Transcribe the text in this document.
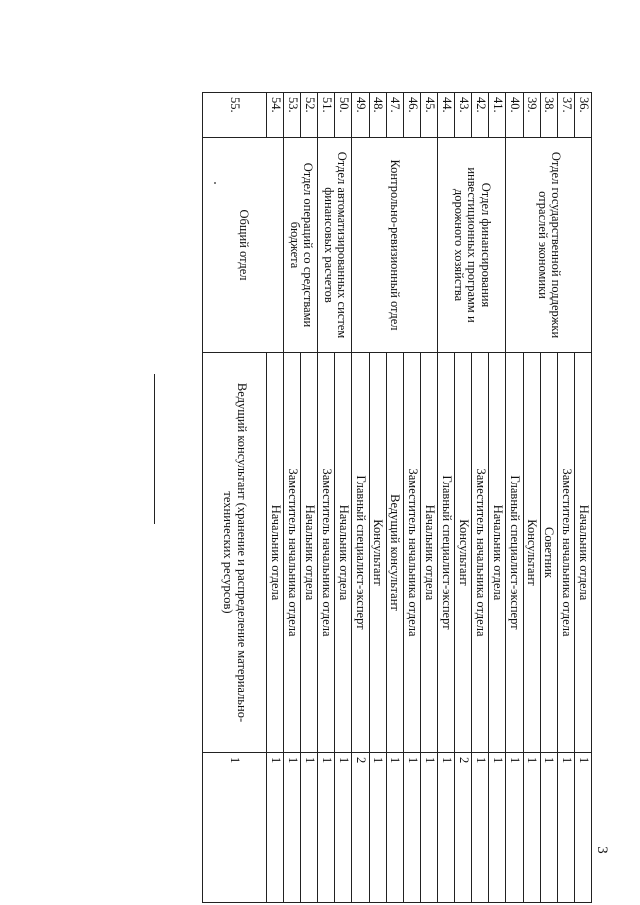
3
36.	Отдел государственной поддержки отраслей экономики	Начальник отдела	1
37.		Заместитель начальника отдела	1
38.		Советник	1
39.		Консультант	1
40.		Главный специалист-эксперт	1
41.	Отдел финансирования инвестиционных программ и дорожного хозяйства	Начальник отдела	1
42.		Заместитель начальника отдела	1
43.		Консультант	2
44.		Главный специалист-эксперт	1
45.	Контрольно-ревизионный отдел	Начальник отдела	1
46.		Заместитель начальника отдела	1
47.		Ведущий консультант	1
48.		Консультант	1
49.		Главный специалист-эксперт	2
50.	Отдел автоматизированных систем финансовых расчетов	Начальник отдела	1
51.		Заместитель начальника отдела	1
52.	Отдел операций со средствами бюджета	Начальник отдела	1
53.		Заместитель начальника отдела	1
54.	Общий отдел	Начальник отдела	1
55.		Ведущий консультант (хранение и распределение материально-технических ресурсов)	1
